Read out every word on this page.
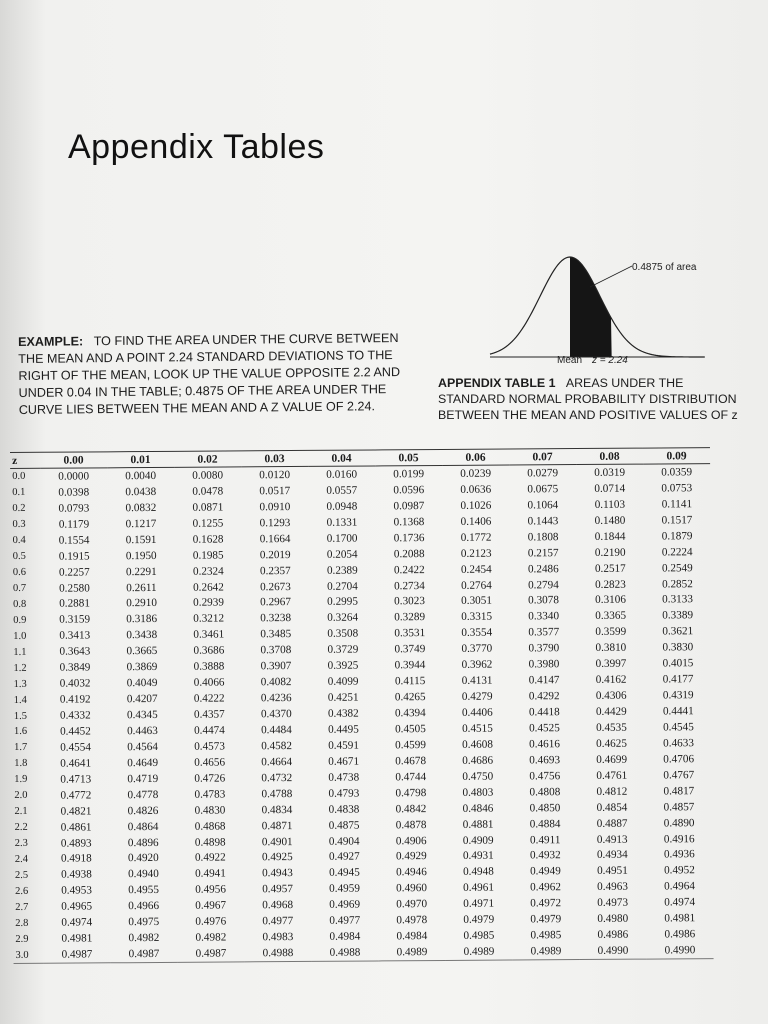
Appendix Tables
0.4875 of area
Mean z = 2.24
EXAMPLE: TO FIND THE AREA UNDER THE CURVE BETWEEN THE MEAN AND A POINT 2.24 STANDARD DEVIATIONS TO THE RIGHT OF THE MEAN, LOOK UP THE VALUE OPPOSITE 2.2 AND UNDER 0.04 IN THE TABLE; 0.4875 OF THE AREA UNDER THE CURVE LIES BETWEEN THE MEAN AND A Z VALUE OF 2.24.
APPENDIX TABLE 1 AREAS UNDER THE STANDARD NORMAL PROBABILITY DISTRIBUTION BETWEEN THE MEAN AND POSITIVE VALUES OF z
z	0.00	0.01	0.02	0.03	0.04	0.05	0.06	0.07	0.08	0.09
0.0	0.0000	0.0040	0.0080	0.0120	0.0160	0.0199	0.0239	0.0279	0.0319	0.0359
0.1	0.0398	0.0438	0.0478	0.0517	0.0557	0.0596	0.0636	0.0675	0.0714	0.0753
0.2	0.0793	0.0832	0.0871	0.0910	0.0948	0.0987	0.1026	0.1064	0.1103	0.1141
0.3	0.1179	0.1217	0.1255	0.1293	0.1331	0.1368	0.1406	0.1443	0.1480	0.1517
0.4	0.1554	0.1591	0.1628	0.1664	0.1700	0.1736	0.1772	0.1808	0.1844	0.1879
0.5	0.1915	0.1950	0.1985	0.2019	0.2054	0.2088	0.2123	0.2157	0.2190	0.2224
0.6	0.2257	0.2291	0.2324	0.2357	0.2389	0.2422	0.2454	0.2486	0.2517	0.2549
0.7	0.2580	0.2611	0.2642	0.2673	0.2704	0.2734	0.2764	0.2794	0.2823	0.2852
0.8	0.2881	0.2910	0.2939	0.2967	0.2995	0.3023	0.3051	0.3078	0.3106	0.3133
0.9	0.3159	0.3186	0.3212	0.3238	0.3264	0.3289	0.3315	0.3340	0.3365	0.3389
1.0	0.3413	0.3438	0.3461	0.3485	0.3508	0.3531	0.3554	0.3577	0.3599	0.3621
1.1	0.3643	0.3665	0.3686	0.3708	0.3729	0.3749	0.3770	0.3790	0.3810	0.3830
1.2	0.3849	0.3869	0.3888	0.3907	0.3925	0.3944	0.3962	0.3980	0.3997	0.4015
1.3	0.4032	0.4049	0.4066	0.4082	0.4099	0.4115	0.4131	0.4147	0.4162	0.4177
1.4	0.4192	0.4207	0.4222	0.4236	0.4251	0.4265	0.4279	0.4292	0.4306	0.4319
1.5	0.4332	0.4345	0.4357	0.4370	0.4382	0.4394	0.4406	0.4418	0.4429	0.4441
1.6	0.4452	0.4463	0.4474	0.4484	0.4495	0.4505	0.4515	0.4525	0.4535	0.4545
1.7	0.4554	0.4564	0.4573	0.4582	0.4591	0.4599	0.4608	0.4616	0.4625	0.4633
1.8	0.4641	0.4649	0.4656	0.4664	0.4671	0.4678	0.4686	0.4693	0.4699	0.4706
1.9	0.4713	0.4719	0.4726	0.4732	0.4738	0.4744	0.4750	0.4756	0.4761	0.4767
2.0	0.4772	0.4778	0.4783	0.4788	0.4793	0.4798	0.4803	0.4808	0.4812	0.4817
2.1	0.4821	0.4826	0.4830	0.4834	0.4838	0.4842	0.4846	0.4850	0.4854	0.4857
2.2	0.4861	0.4864	0.4868	0.4871	0.4875	0.4878	0.4881	0.4884	0.4887	0.4890
2.3	0.4893	0.4896	0.4898	0.4901	0.4904	0.4906	0.4909	0.4911	0.4913	0.4916
2.4	0.4918	0.4920	0.4922	0.4925	0.4927	0.4929	0.4931	0.4932	0.4934	0.4936
2.5	0.4938	0.4940	0.4941	0.4943	0.4945	0.4946	0.4948	0.4949	0.4951	0.4952
2.6	0.4953	0.4955	0.4956	0.4957	0.4959	0.4960	0.4961	0.4962	0.4963	0.4964
2.7	0.4965	0.4966	0.4967	0.4968	0.4969	0.4970	0.4971	0.4972	0.4973	0.4974
2.8	0.4974	0.4975	0.4976	0.4977	0.4977	0.4978	0.4979	0.4979	0.4980	0.4981
2.9	0.4981	0.4982	0.4982	0.4983	0.4984	0.4984	0.4985	0.4985	0.4986	0.4986
3.0	0.4987	0.4987	0.4987	0.4988	0.4988	0.4989	0.4989	0.4989	0.4990	0.4990
